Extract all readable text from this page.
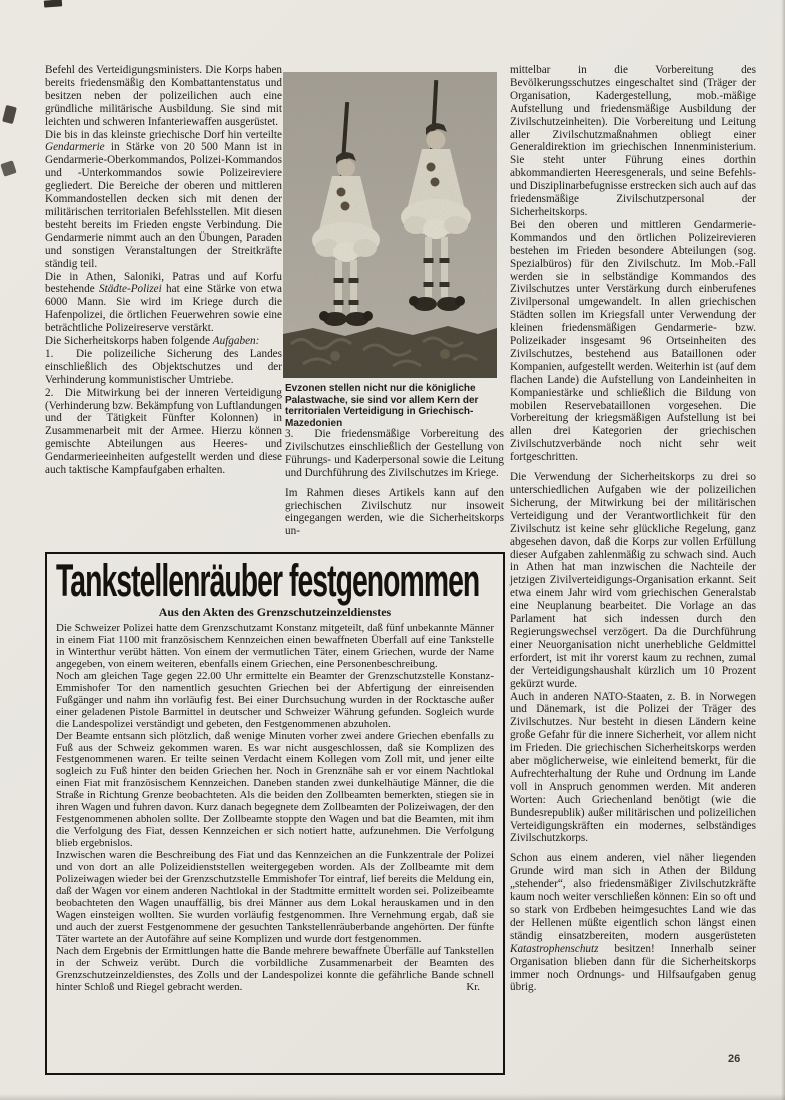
Befehl des Verteidigungsministers. Die Korps haben bereits friedensmäßig den Kombattantenstatus und besitzen neben der polizeilichen auch eine gründliche militärische Ausbildung. Sie sind mit leichten und schweren Infanteriewaffen ausgerüstet.

Die bis in das kleinste griechische Dorf hin verteilte Gendarmerie in Stärke von 20 500 Mann ist in Gendarmerie-Oberkommandos, Polizei-Kommandos und -Unterkommandos sowie Polizeireviere gegliedert. Die Bereiche der oberen und mittleren Kommandostellen decken sich mit denen der militärischen territorialen Befehlsstellen. Mit diesen besteht bereits im Frieden engste Verbindung. Die Gendarmerie nimmt auch an den Übungen, Paraden und sonstigen Veranstaltungen der Streitkräfte ständig teil.

Die in Athen, Saloniki, Patras und auf Korfu bestehende Städte-Polizei hat eine Stärke von etwa 6000 Mann. Sie wird im Kriege durch die Hafenpolizei, die örtlichen Feuerwehren sowie eine beträchtliche Polizeireserve verstärkt.

Die Sicherheitskorps haben folgende Aufgaben:

1.  Die polizeiliche Sicherung des Landes einschließlich des Objektschutzes und der Verhinderung kommunistischer Umtriebe.

2.  Die Mitwirkung bei der inneren Verteidigung (Verhinderung bzw. Bekämpfung von Luftlandungen und der Tätigkeit Fünfter Kolonnen) in Zusammenarbeit mit der Armee. Hierzu können gemischte Abteilungen aus Heeres- und Gendarmerieeinheiten aufgestellt werden und diese auch taktische Kampfaufgaben erhalten.

Evzonen stellen nicht nur die königliche Palastwache, sie sind vor allem Kern der territorialen Verteidigung in Griechisch-Mazedonien

3.  Die friedensmäßige Vorbereitung des Zivilschutzes einschließlich der Gestellung von Führungs- und Kaderpersonal sowie die Leitung und Durchführung des Zivilschutzes im Kriege.

Im Rahmen dieses Artikels kann auf den griechischen Zivilschutz nur insoweit eingegangen werden, wie die Sicherheitskorps un-

mittelbar in die Vorbereitung des Bevölkerungsschutzes eingeschaltet sind (Träger der Organisation, Kadergestellung, mob.-mäßige Aufstellung und friedensmäßige Ausbildung der Zivilschutzeinheiten). Die Vorbereitung und Leitung aller Zivilschutzmaßnahmen obliegt einer Generaldirektion im griechischen Innenministerium. Sie steht unter Führung eines dorthin abkommandierten Heeresgenerals, und seine Befehls- und Disziplinarbefugnisse erstrecken sich auch auf das friedensmäßige Zivilschutzpersonal der Sicherheitskorps.

Bei den oberen und mittleren Gendarmerie-Kommandos und den örtlichen Polizeirevieren bestehen im Frieden besondere Abteilungen (sog. Spezialbüros) für den Zivilschutz. Im Mob.-Fall werden sie in selbständige Kommandos des Zivilschutzes unter Verstärkung durch einberufenes Zivilpersonal umgewandelt. In allen griechischen Städten sollen im Kriegsfall unter Verwendung der kleinen friedensmäßigen Gendarmerie- bzw. Polizeikader insgesamt 96 Ortseinheiten des Zivilschutzes, bestehend aus Bataillonen oder Kompanien, aufgestellt werden. Weiterhin ist (auf dem flachen Lande) die Aufstellung von Landeinheiten in Kompaniestärke und schließlich die Bildung von mobilen Reservebataillonen vorgesehen. Die Vorbereitung der kriegsmäßigen Aufstellung ist bei allen drei Kategorien der griechischen Zivilschutzverbände noch nicht sehr weit fortgeschritten.

Die Verwendung der Sicherheitskorps zu drei so unterschiedlichen Aufgaben wie der polizeilichen Sicherung, der Mitwirkung bei der militärischen Verteidigung und der Verantwortlichkeit für den Zivilschutz ist keine sehr glückliche Regelung, ganz abgesehen davon, daß die Korps zur vollen Erfüllung dieser Aufgaben zahlenmäßig zu schwach sind. Auch in Athen hat man inzwischen die Nachteile der jetzigen Zivilverteidigungs-Organisation erkannt. Seit etwa einem Jahr wird vom griechischen Generalstab eine Neuplanung bearbeitet. Die Vorlage an das Parlament hat sich indessen durch den Regierungswechsel verzögert. Da die Durchführung einer Neuorganisation nicht unerhebliche Geldmittel erfordert, ist mit ihr vorerst kaum zu rechnen, zumal der Verteidigungshaushalt kürzlich um 10 Prozent gekürzt wurde.

Auch in anderen NATO-Staaten, z. B. in Norwegen und Dänemark, ist die Polizei der Träger des Zivilschutzes. Nur besteht in diesen Ländern keine große Gefahr für die innere Sicherheit, vor allem nicht im Frieden. Die griechischen Sicherheitskorps werden aber möglicherweise, wie einleitend bemerkt, für die Aufrechterhaltung der Ruhe und Ordnung im Lande voll in Anspruch genommen werden. Mit anderen Worten: Auch Griechenland benötigt (wie die Bundesrepublik) außer militärischen und polizeilichen Verteidigungskräften ein modernes, selbständiges Zivilschutzkorps.

Schon aus einem anderen, viel näher liegenden Grunde wird man sich in Athen der Bildung „stehender“, also friedensmäßiger Zivilschutzkräfte kaum noch weiter verschließen können: Ein so oft und so stark von Erdbeben heimgesuchtes Land wie das der Hellenen müßte eigentlich schon längst einen ständig einsatzbereiten, modern ausgerüsteten Katastrophenschutz besitzen! Innerhalb seiner Organisation blieben dann für die Sicherheitskorps immer noch Ordnungs- und Hilfsaufgaben genug übrig.

Tankstellenräuber festgenommen
Aus den Akten des Grenzschutzeinzeldienstes

Die Schweizer Polizei hatte dem Grenzschutzamt Konstanz mitgeteilt, daß fünf unbekannte Männer in einem Fiat 1100 mit französischem Kennzeichen einen bewaffneten Überfall auf eine Tankstelle in Winterthur verübt hätten. Von einem der vermutlichen Täter, einem Griechen, wurde der Name angegeben, von einem weiteren, ebenfalls einem Griechen, eine Personenbeschreibung.

Noch am gleichen Tage gegen 22.00 Uhr ermittelte ein Beamter der Grenzschutzstelle Konstanz-Emmishofer Tor den namentlich gesuchten Griechen bei der Abfertigung der einreisenden Fußgänger und nahm ihn vorläufig fest. Bei einer Durchsuchung wurden in der Rocktasche außer einer geladenen Pistole Barmittel in deutscher und Schweizer Währung gefunden. Sogleich wurde die Landespolizei verständigt und gebeten, den Festgenommenen abzuholen.

Der Beamte entsann sich plötzlich, daß wenige Minuten vorher zwei andere Griechen ebenfalls zu Fuß aus der Schweiz gekommen waren. Es war nicht ausgeschlossen, daß sie Komplizen des Festgenommenen waren. Er teilte seinen Verdacht einem Kollegen vom Zoll mit, und jener eilte sogleich zu Fuß hinter den beiden Griechen her. Noch in Grenznähe sah er vor einem Nachtlokal einen Fiat mit französischem Kennzeichen. Daneben standen zwei dunkelhäutige Männer, die die Straße in Richtung Grenze beobachteten. Als die beiden den Zollbeamten bemerkten, stiegen sie in ihren Wagen und fuhren davon. Kurz danach begegnete dem Zollbeamten der Polizeiwagen, der den Festgenommenen abholen sollte. Der Zollbeamte stoppte den Wagen und bat die Beamten, mit ihm die Verfolgung des Fiat, dessen Kennzeichen er sich notiert hatte, aufzunehmen. Die Verfolgung blieb ergebnislos.

Inzwischen waren die Beschreibung des Fiat und das Kennzeichen an die Funkzentrale der Polizei und von dort an alle Polizeidienststellen weitergegeben worden. Als der Zollbeamte mit dem Polizeiwagen wieder bei der Grenzschutzstelle Emmishofer Tor eintraf, lief bereits die Meldung ein, daß der Wagen vor einem anderen Nachtlokal in der Stadtmitte ermittelt worden sei. Polizeibeamte beobachteten den Wagen unauffällig, bis drei Männer aus dem Lokal herauskamen und in den Wagen einsteigen wollten. Sie wurden vorläufig festgenommen. Ihre Vernehmung ergab, daß sie und auch der zuerst Festgenommene der gesuchten Tankstellenräuberbande angehörten. Der fünfte Täter wartete an der Autofähre auf seine Komplizen und wurde dort festgenommen.

Nach dem Ergebnis der Ermittlungen hatte die Bande mehrere bewaffnete Überfälle auf Tankstellen in der Schweiz verübt. Durch die vorbildliche Zusammenarbeit der Beamten des Grenzschutzeinzeldienstes, des Zolls und der Landespolizei konnte die gefährliche Bande schnell hinter Schloß und Riegel gebracht werden.	Kr.
26
